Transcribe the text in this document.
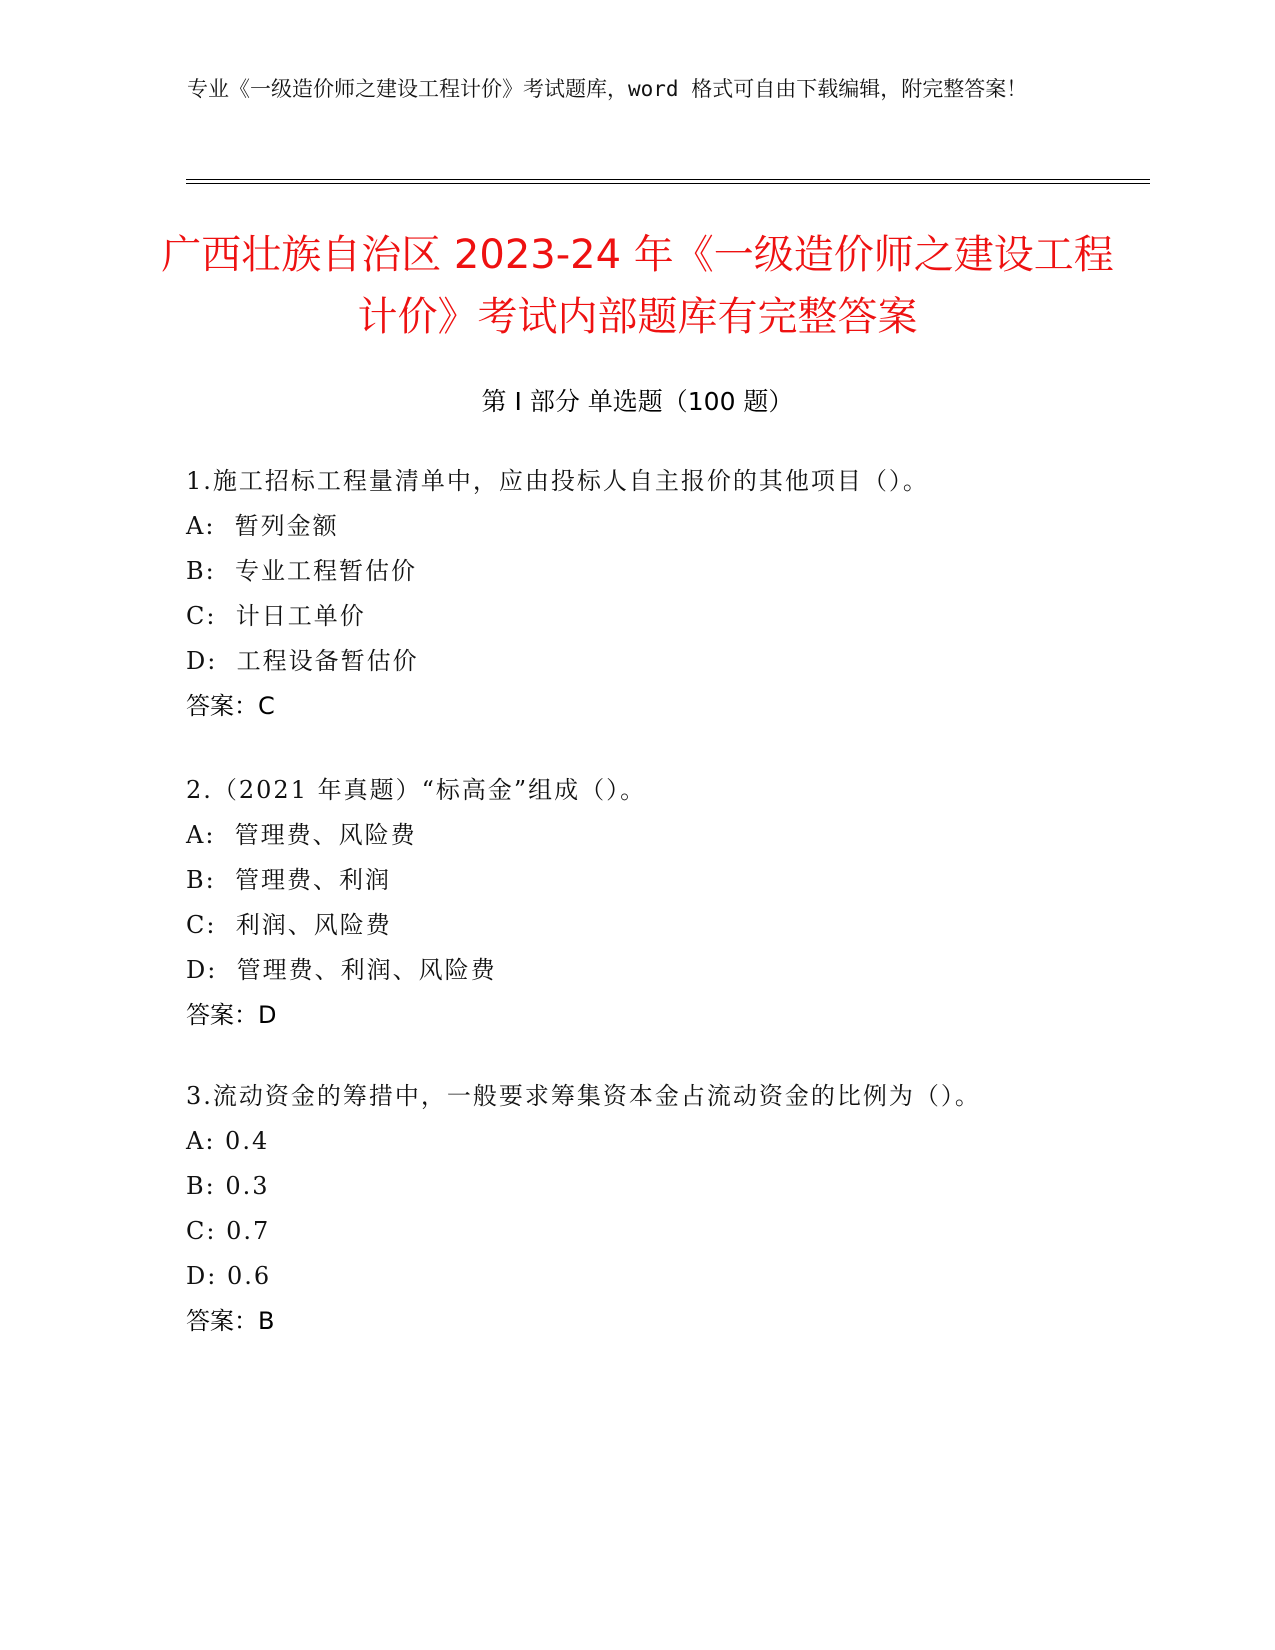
专业《一级造价师之建设工程计价》考试题库，word 格式可自由下载编辑，附完整答案！

广西壮族自治区 2023-24 年《一级造价师之建设工程计价》考试内部题库有完整答案
第 I 部分 单选题（100 题）

1.施工招标工程量清单中，应由投标人自主报价的其他项目（）。

A:  暂列金额

B:  专业工程暂估价

C:  计日工单价

D:  工程设备暂估价

答案：C

2.（2021 年真题）“标高金”组成（）。

A:  管理费、风险费

B:  管理费、利润

C:  利润、风险费

D:  管理费、利润、风险费

答案：D

3.流动资金的筹措中，一般要求筹集资本金占流动资金的比例为（）。

A: 0.4

B: 0.3

C: 0.7

D: 0.6

答案：B
